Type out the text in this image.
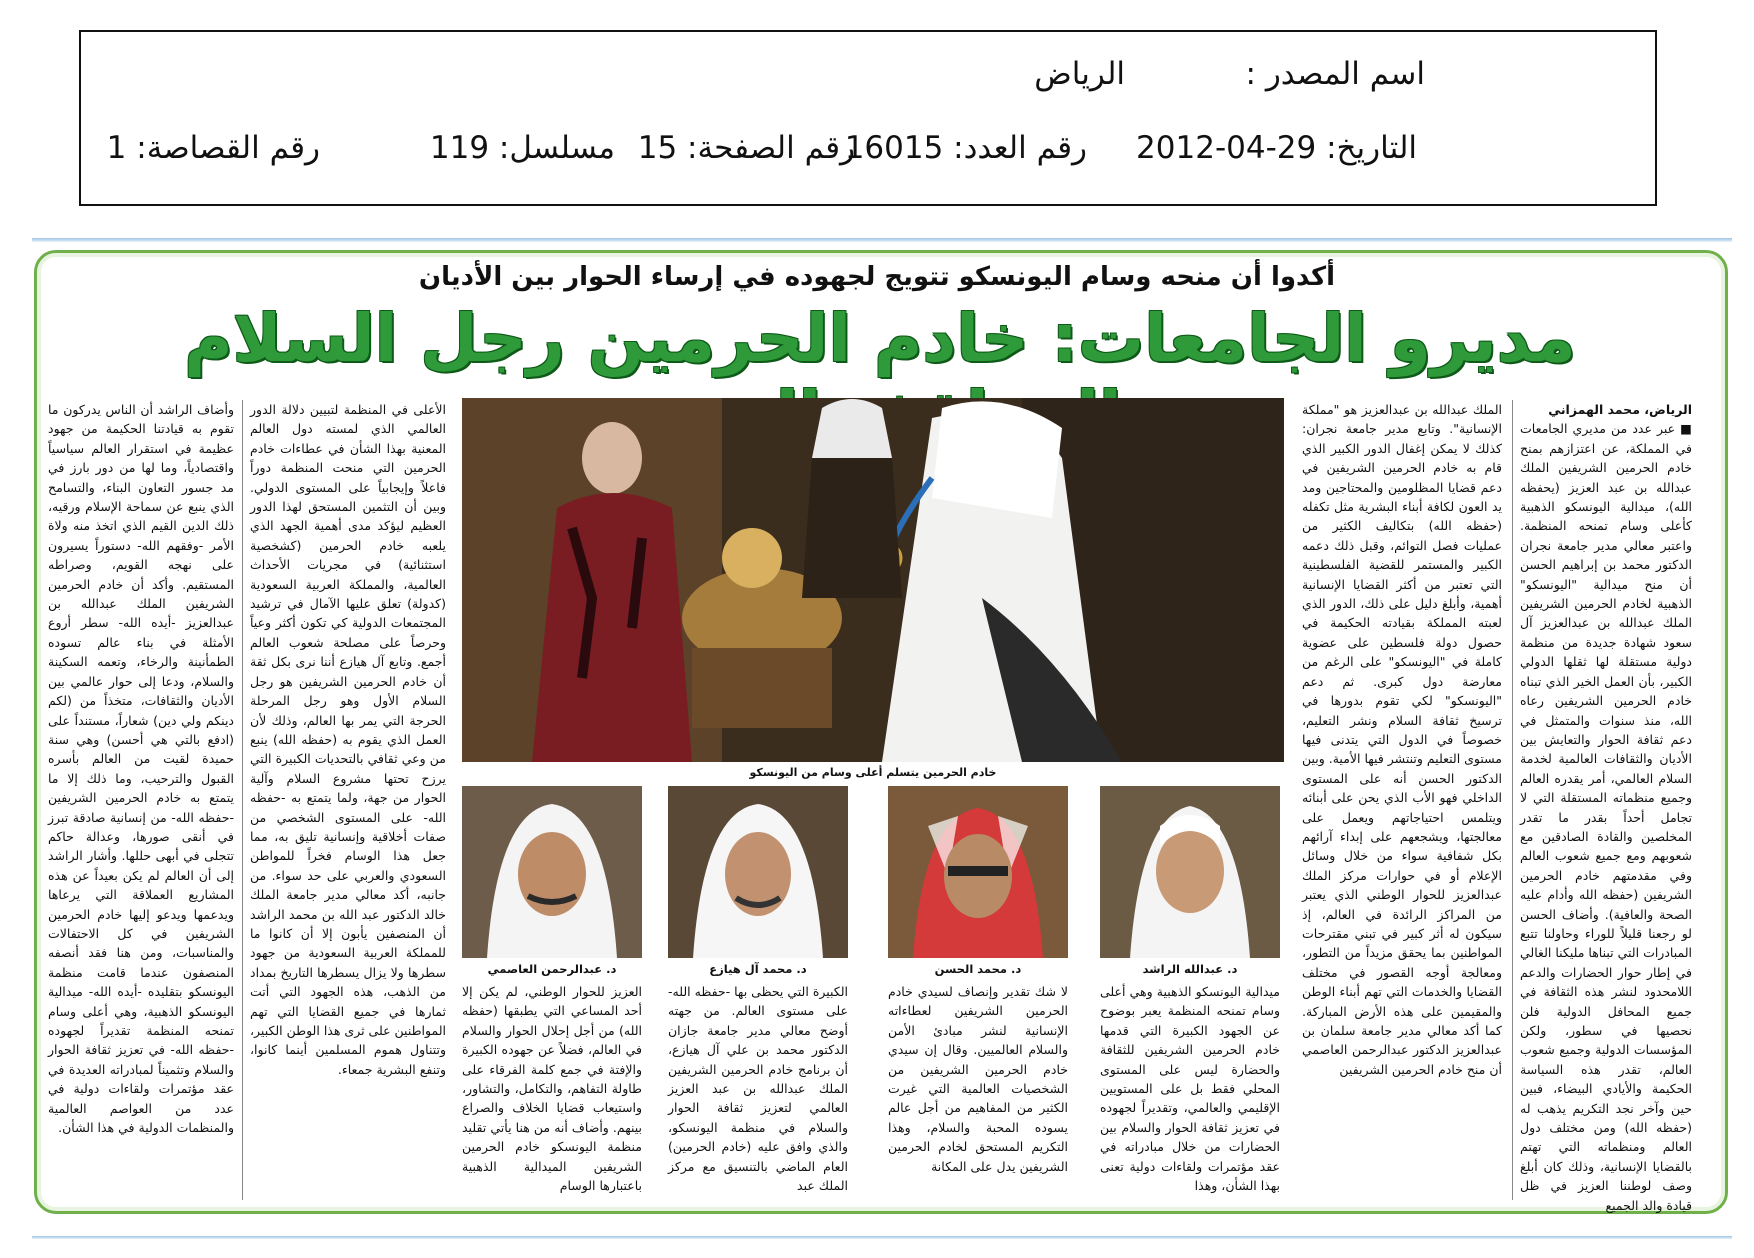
اسم المصدر :
الرياض
التاريخ: 29-04-2012
رقم العدد: 16015
رقم الصفحة: 15
مسلسل: 119
رقم القصاصة: 1
أكدوا أن منحه وسام اليونسكو تتويج لجهوده في إرساء الحوار بين الأديان
مديرو الجامعات: خادم الحرمين رجل السلام
الرياض، محمد الهمزاني

■ عبر عدد من مديري الجامعات في المملكة، عن اعتزازهم بمنح خادم الحرمين الشريفين الملك عبدالله بن عبد العزيز (يحفظه الله)، ميدالية اليونسكو الذهبية كأعلى وسام تمنحه المنظمة. واعتبر معالي مدير جامعة نجران الدكتور محمد بن إبراهيم الحسن أن منح ميدالية "اليونسكو" الذهبية لخادم الحرمين الشريفين الملك عبدالله بن عبدالعزيز آل سعود شهادة جديدة من منظمة دولية مستقلة لها ثقلها الدولي الكبير، بأن العمل الخير الذي تبناه خادم الحرمين الشريفين رعاه الله، منذ سنوات والمتمثل في دعم ثقافة الحوار والتعايش بين الأديان والثقافات العالمية لخدمة السلام العالمي، أمر يقدره العالم وجميع منظماته المستقلة التي لا تجامل أحداً بقدر ما تقدر المخلصين والقادة الصادقين مع شعوبهم ومع جميع شعوب العالم وفي مقدمتهم خادم الحرمين الشريفين (حفظه الله وأدام عليه الصحة والعافية). وأضاف الحسن لو رجعنا قليلاً للوراء وحاولنا تتبع المبادرات التي تبناها مليكنا الغالي في إطار حوار الحضارات والدعم اللامحدود لنشر هذه الثقافة في جميع المحافل الدولية فلن نحصيها في سطور، ولكن المؤسسات الدولية وجميع شعوب العالم، تقدر هذه السياسة الحكيمة والأيادي البيضاء، فبين حين وآخر نجد التكريم يذهب له (حفظه الله) ومن مختلف دول العالم ومنظماته التي تهتم بالقضايا الإنسانية، وذلك كان أبلغ وصف لوطننا العزيز في ظل قيادة والد الجميع

الملك عبدالله بن عبدالعزيز هو "مملكة الإنسانية". وتابع مدير جامعة نجران: كذلك لا يمكن إغفال الدور الكبير الذي قام به خادم الحرمين الشريفين في دعم قضايا المظلومين والمحتاجين ومد يد العون لكافة أبناء البشرية مثل تكفله (حفظه الله) بتكاليف الكثير من عمليات فصل التوائم، وقبل ذلك دعمه الكبير والمستمر للقضية الفلسطينية التي تعتبر من أكثر القضايا الإنسانية أهمية، وأبلغ دليل على ذلك، الدور الذي لعبته المملكة بقيادته الحكيمة في حصول دولة فلسطين على عضوية كاملة في "اليونسكو" على الرغم من معارضة دول كبرى. ثم دعم "اليونسكو" لكي تقوم بدورها في ترسيخ ثقافة السلام ونشر التعليم، خصوصاً في الدول التي يتدنى فيها مستوى التعليم وتنتشر فيها الأمية. وبين الدكتور الحسن أنه على المستوى الداخلي فهو الأب الذي يحن على أبنائه ويتلمس احتياجاتهم ويعمل على معالجتها، ويشجعهم على إبداء آرائهم بكل شفافية سواء من خلال وسائل الإعلام أو في حوارات مركز الملك عبدالعزيز للحوار الوطني الذي يعتبر من المراكز الرائدة في العالم، إذ سيكون له أثر كبير في تبني مقترحات المواطنين بما يحقق مزيداً من التطور، ومعالجة أوجه القصور في مختلف القضايا والخدمات التي تهم أبناء الوطن والمقيمين على هذه الأرض المباركة. كما أكد معالي مدير جامعة سلمان بن عبدالعزيز الدكتور عبدالرحمن العاصمي أن منح خادم الحرمين الشريفين

خادم الحرمين يتسلم أعلى وسام من اليونسكو

الأعلى في المنظمة لتبيين دلالة الدور العالمي الذي لمسته دول العالم المعنية بهذا الشأن في عطاءات خادم الحرمين التي منحت المنظمة دوراً فاعلاً وإيجابياً على المستوى الدولي. وبين أن التثمين المستحق لهذا الدور العظيم ليؤكد مدى أهمية الجهد الذي يلعبه خادم الحرمين (كشخصية استثنائية) في مجريات الأحداث العالمية، والمملكة العربية السعودية (كدولة) تعلق عليها الآمال في ترشيد المجتمعات الدولية كي تكون أكثر وعياً وحرصاً على مصلحة شعوب العالم أجمع. وتابع آل هيازع أننا نرى بكل ثقة أن خادم الحرمين الشريفين هو رجل السلام الأول وهو رجل المرحلة الحرجة التي يمر بها العالم، وذلك لأن العمل الذي يقوم به (حفظه الله) ينبع من وعي ثقافي بالتحديات الكبيرة التي يرزح تحتها مشروع السلام وآلية الحوار من جهة، ولما يتمتع به -حفظه الله- على المستوى الشخصي من صفات أخلاقية وإنسانية تليق به، مما جعل هذا الوسام فخراً للمواطن السعودي والعربي على حد سواء. من جانبه، أكد معالي مدير جامعة الملك خالد الدكتور عبد الله بن محمد الراشد أن المنصفين يأبون إلا أن كانوا ما للمملكة العربية السعودية من جهود سطرها ولا يزال يسطرها التاريخ بمداد من الذهب، هذه الجهود التي أتت ثمارها في جميع القضايا التي تهم المواطنين على ثرى هذا الوطن الكبير، وتتناول هموم المسلمين أينما كانوا، وتنفع البشرية جمعاء.

وأضاف الراشد أن الناس يدركون ما تقوم به قيادتنا الحكيمة من جهود عظيمة في استقرار العالم سياسياً واقتصادياً، وما لها من دور بارز في مد جسور التعاون البناء، والتسامح الذي ينبع عن سماحة الإسلام ورقيه، ذلك الدين القيم الذي اتخذ منه ولاة الأمر -وفقهم الله- دستوراً يسيرون على نهجه القويم، وصراطه المستقيم. وأكد أن خادم الحرمين الشريفين الملك عبدالله بن عبدالعزيز -أيده الله- سطر أروع الأمثلة في بناء عالم تسوده الطمأنينة والرخاء، وتعمه السكينة والسلام، ودعا إلى حوار عالمي بين الأديان والثقافات، متخذاً من (لكم دينكم ولي دين) شعاراً، مستنداً على (ادفع بالتي هي أحسن) وهي سنة حميدة لقيت من العالم بأسره القبول والترحيب، وما ذلك إلا ما يتمتع به خادم الحرمين الشريفين -حفظه الله- من إنسانية صادقة تبرز في أنقى صورها، وعدالة حاكم تتجلى في أبهى حللها. وأشار الراشد إلى أن العالم لم يكن بعيداً عن هذه المشاريع العملاقة التي يرعاها ويدعمها ويدعو إليها خادم الحرمين الشريفين في كل الاحتفالات والمناسبات، ومن هنا فقد أنصفه المنصفون عندما قامت منظمة اليونسكو بتقليده -أيده الله- ميدالية اليونسكو الذهبية، وهي أعلى وسام تمنحه المنظمة تقديراً لجهوده -حفظه الله- في تعزيز ثقافة الحوار والسلام وتثميناً لمبادراته العديدة في عقد مؤتمرات ولقاءات دولية في عدد من العواصم العالمية والمنظمات الدولية في هذا الشأن.

د. عبدالله الراشد
د. محمد الحسن
د. محمد آل هيازع
د. عبدالرحمن العاصمي
ميدالية اليونسكو الذهبية وهي أعلى وسام تمنحه المنظمة يعبر بوضوح عن الجهود الكبيرة التي قدمها خادم الحرمين الشريفين للثقافة والحضارة ليس على المستوى المحلي فقط بل على المستويين الإقليمي والعالمي، وتقديراً لجهوده في تعزيز ثقافة الحوار والسلام بين الحضارات من خلال مبادراته في عقد مؤتمرات ولقاءات دولية تعنى بهذا الشأن، وهذا
لا شك تقدير وإنصاف لسيدي خادم الحرمين الشريفين لعطاءاته الإنسانية لنشر مبادئ الأمن والسلام العالميين. وقال إن سيدي خادم الحرمين الشريفين من الشخصيات العالمية التي غيرت الكثير من المفاهيم من أجل عالم يسوده المحبة والسلام، وهذا التكريم المستحق لخادم الحرمين الشريفين يدل على المكانة
الكبيرة التي يحظى بها -حفظه الله- على مستوى العالم. من جهته أوضح معالي مدير جامعة جازان الدكتور محمد بن علي آل هيازع، أن برنامج خادم الحرمين الشريفين الملك عبدالله بن عبد العزيز العالمي لتعزيز ثقافة الحوار والسلام في منظمة اليونسكو، والذي وافق عليه (خادم الحرمين) العام الماضي بالتنسيق مع مركز الملك عبد
العزيز للحوار الوطني، لم يكن إلا أحد المساعي التي يطبقها (حفظه الله) من أجل إحلال الحوار والسلام في العالم، فضلاً عن جهوده الكبيرة والإفتة في جمع كلمة الفرقاء على طاولة التفاهم، والتكامل، والتشاور، واستيعاب قضايا الخلاف والصراع بينهم. وأضاف أنه من هنا يأتي تقليد منظمة اليونسكو خادم الحرمين الشريفين الميدالية الذهبية باعتبارها الوسام
